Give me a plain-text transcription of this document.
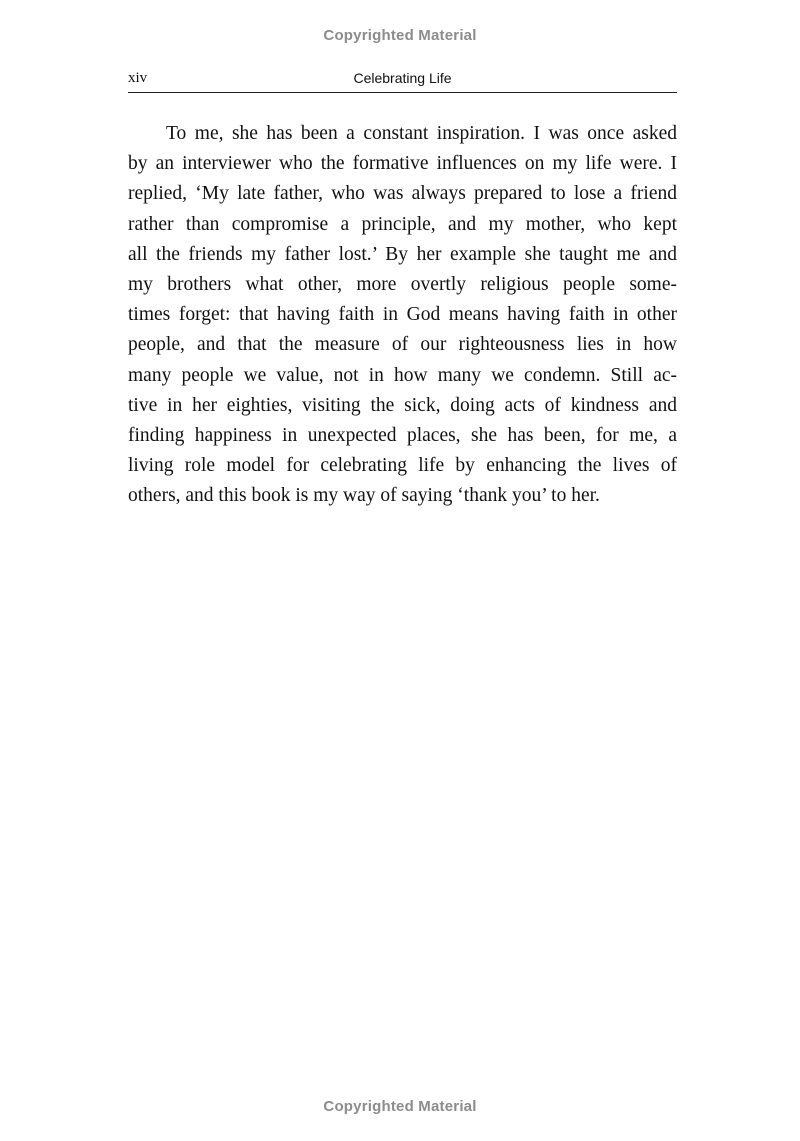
Copyrighted Material
xiv	Celebrating Life
To me, she has been a constant inspiration. I was once asked
by an interviewer who the formative influences on my life were. I
replied, ‘My late father, who was always prepared to lose a friend
rather than compromise a principle, and my mother, who kept
all the friends my father lost.’ By her example she taught me and
my brothers what other, more overtly religious people some-
times forget: that having faith in God means having faith in other
people, and that the measure of our righteousness lies in how
many people we value, not in how many we condemn. Still ac-
tive in her eighties, visiting the sick, doing acts of kindness and
finding happiness in unexpected places, she has been, for me, a
living role model for celebrating life by enhancing the lives of
others, and this book is my way of saying ‘thank you’ to her.
Copyrighted Material
